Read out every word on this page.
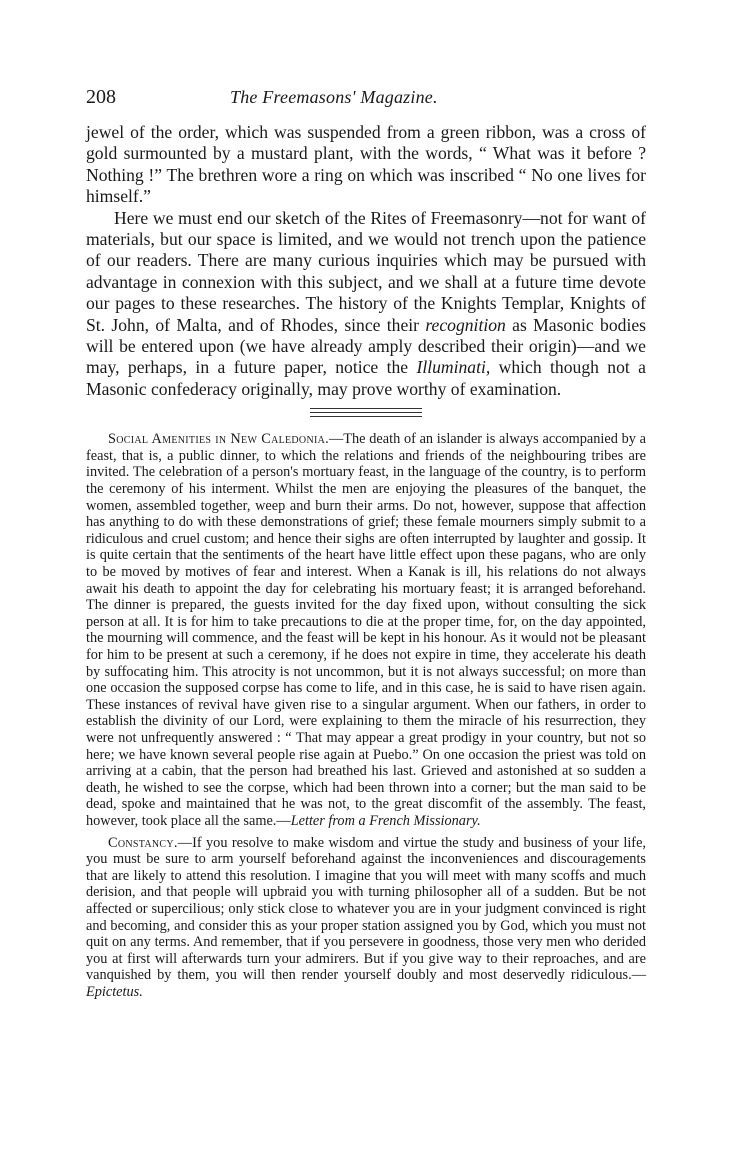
208	The Freemasons' Magazine.

jewel of the order, which was suspended from a green ribbon, was a cross of gold surmounted by a mustard plant, with the words, “ What was it before ? Nothing !” The brethren wore a ring on which was inscribed “ No one lives for himself.”

Here we must end our sketch of the Rites of Freemasonry—not for want of materials, but our space is limited, and we would not trench upon the patience of our readers. There are many curious inquiries which may be pursued with advantage in connexion with this subject, and we shall at a future time devote our pages to these researches. The history of the Knights Templar, Knights of St. John, of Malta, and of Rhodes, since their recognition as Masonic bodies will be entered upon (we have already amply described their origin)—and we may, perhaps, in a future paper, notice the Illuminati, which though not a Masonic confederacy originally, may prove worthy of examination.

Social Amenities in New Caledonia.—The death of an islander is always accompanied by a feast, that is, a public dinner, to which the relations and friends of the neighbouring tribes are invited. The celebration of a person's mortuary feast, in the language of the country, is to perform the ceremony of his interment. Whilst the men are enjoying the pleasures of the banquet, the women, assembled together, weep and burn their arms. Do not, however, suppose that affection has anything to do with these demonstrations of grief; these female mourners simply submit to a ridiculous and cruel custom; and hence their sighs are often interrupted by laughter and gossip. It is quite certain that the sentiments of the heart have little effect upon these pagans, who are only to be moved by motives of fear and interest. When a Kanak is ill, his relations do not always await his death to appoint the day for celebrating his mortuary feast; it is arranged beforehand. The dinner is prepared, the guests invited for the day fixed upon, without consulting the sick person at all. It is for him to take precautions to die at the proper time, for, on the day appointed, the mourning will commence, and the feast will be kept in his honour. As it would not be pleasant for him to be present at such a ceremony, if he does not expire in time, they accelerate his death by suffocating him. This atrocity is not uncommon, but it is not always successful; on more than one occasion the supposed corpse has come to life, and in this case, he is said to have risen again. These instances of revival have given rise to a singular argument. When our fathers, in order to establish the divinity of our Lord, were explaining to them the miracle of his resurrection, they were not unfrequently answered : “ That may appear a great prodigy in your country, but not so here; we have known several people rise again at Puebo.” On one occasion the priest was told on arriving at a cabin, that the person had breathed his last. Grieved and astonished at so sudden a death, he wished to see the corpse, which had been thrown into a corner; but the man said to be dead, spoke and maintained that he was not, to the great discomfit of the assembly. The feast, however, took place all the same.—Letter from a French Missionary.

Constancy.—If you resolve to make wisdom and virtue the study and business of your life, you must be sure to arm yourself beforehand against the inconveniences and discouragements that are likely to attend this resolution. I imagine that you will meet with many scoffs and much derision, and that people will upbraid you with turning philosopher all of a sudden. But be not affected or supercilious; only stick close to whatever you are in your judgment convinced is right and becoming, and consider this as your proper station assigned you by God, which you must not quit on any terms. And remember, that if you persevere in goodness, those very men who derided you at first will afterwards turn your admirers. But if you give way to their reproaches, and are vanquished by them, you will then render yourself doubly and most deservedly ridiculous.—Epictetus.
